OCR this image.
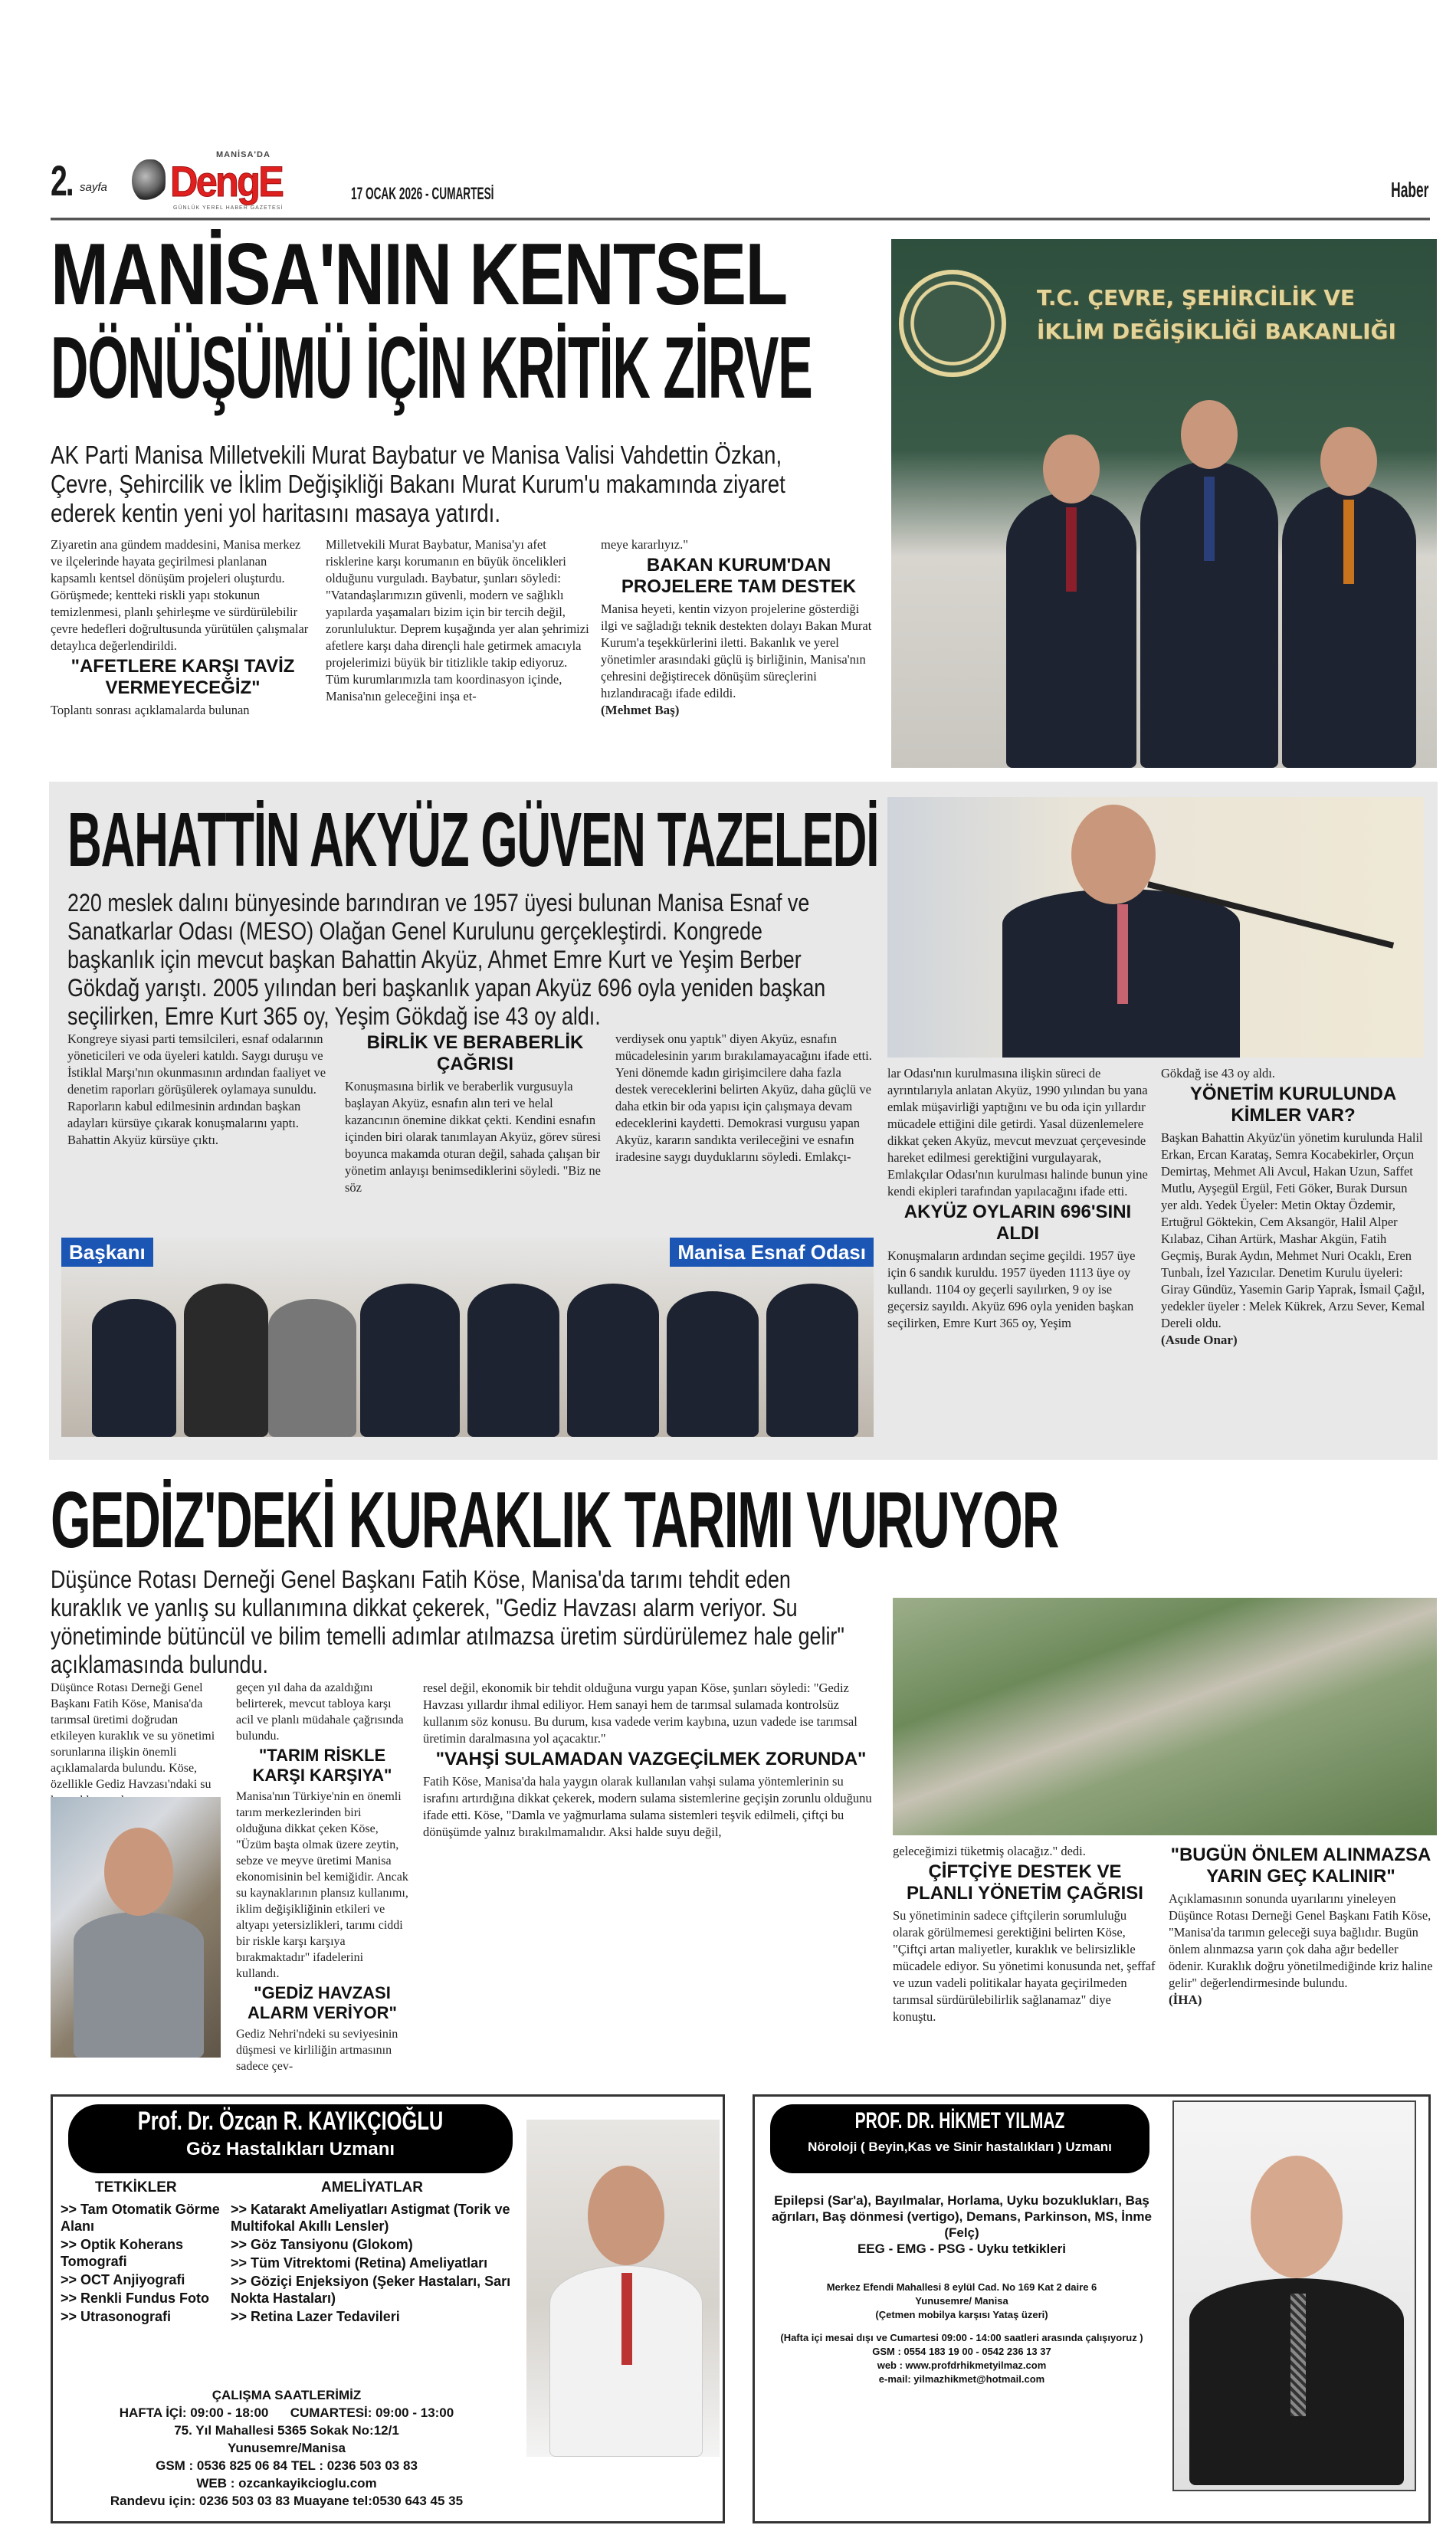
2. sayfa
MANİSA'DA
DengE
GÜNLÜK YEREL HABER GAZETESİ
17 OCAK 2026 - CUMARTESİ	Haber
MANİSA'NIN KENTSEL
DÖNÜŞÜMÜ İÇİN KRİTİK ZİRVE
AK Parti Manisa Milletvekili Murat Baybatur ve Manisa Valisi Vahdettin Özkan, Çevre, Şehircilik ve İklim Değişikliği Bakanı Murat Kurum'u makamında ziyaret ederek kentin yeni yol haritasını masaya yatırdı.

Ziyaretin ana gündem maddesini, Manisa merkez ve ilçelerinde hayata geçirilmesi planlanan kapsamlı kentsel dönüşüm projeleri oluşturdu. Görüşmede; kentteki riskli yapı stokunun temizlenmesi, planlı şehirleşme ve sürdürülebilir çevre hedefleri doğrultusunda yürütülen çalışmalar detaylıca değerlendirildi.

"AFETLERE KARŞI TAVİZ VERMEYECEĞİZ"

Toplantı sonrası açıklamalarda bulunan

Milletvekili Murat Baybatur, Manisa'yı afet risklerine karşı korumanın en büyük öncelikleri olduğunu vurguladı. Baybatur, şunları söyledi: "Vatandaşlarımızın güvenli, modern ve sağlıklı yapılarda yaşamaları bizim için bir tercih değil, zorunluluktur. Deprem kuşağında yer alan şehrimizi afetlere karşı daha dirençli hale getirmek amacıyla projelerimizi büyük bir titizlikle takip ediyoruz. Tüm kurumlarımızla tam koordinasyon içinde, Manisa'nın geleceğini inşa et-

meye kararlıyız."

BAKAN KURUM'DAN PROJELERE TAM DESTEK

Manisa heyeti, kentin vizyon projelerine gösterdiği ilgi ve sağladığı teknik destekten dolayı Bakan Murat Kurum'a teşekkürlerini iletti. Bakanlık ve yerel yönetimler arasındaki güçlü iş birliğinin, Manisa'nın çehresini değiştirecek dönüşüm süreçlerini hızlandıracağı ifade edildi.

(Mehmet Baş)

T.C. ÇEVRE, ŞEHİRCİLİK VE
İKLİM DEĞİŞİKLİĞİ BAKANLIĞI
BAHATTİN AKYÜZ GÜVEN TAZELEDİ
220 meslek dalını bünyesinde barındıran ve 1957 üyesi bulunan Manisa Esnaf ve Sanatkarlar Odası (MESO) Olağan Genel Kurulunu gerçekleştirdi. Kongrede başkanlık için mevcut başkan Bahattin Akyüz, Ahmet Emre Kurt ve Yeşim Berber Gökdağ yarıştı. 2005 yılından beri başkanlık yapan Akyüz 696 oyla yeniden başkan seçilirken, Emre Kurt 365 oy, Yeşim Gökdağ ise 43 oy aldı.

Kongreye siyasi parti temsilcileri, esnaf odalarının yöneticileri ve oda üyeleri katıldı. Saygı duruşu ve İstiklal Marşı'nın okunmasının ardından faaliyet ve denetim raporları görüşülerek oylamaya sunuldu. Raporların kabul edilmesinin ardından başkan adayları kürsüye çıkarak konuşmalarını yaptı. Bahattin Akyüz kürsüye çıktı.

BİRLİK VE BERABERLİK ÇAĞRISI

Konuşmasına birlik ve beraberlik vurgusuyla başlayan Akyüz, esnafın alın teri ve helal kazancının önemine dikkat çekti. Kendini esnafın içinden biri olarak tanımlayan Akyüz, görev süresi boyunca makamda oturan değil, sahada çalışan bir yönetim anlayışı benimsediklerini söyledi. "Biz ne söz

verdiysek onu yaptık" diyen Akyüz, esnafın mücadelesinin yarım bırakılamayacağını ifade etti. Yeni dönemde kadın girişimcilere daha fazla destek vereceklerini belirten Akyüz, daha güçlü ve daha etkin bir oda yapısı için çalışmaya devam edeceklerini kaydetti. Demokrasi vurgusu yapan Akyüz, kararın sandıkta verileceğini ve esnafın iradesine saygı duyduklarını söyledi. Emlakçı-

Başkanı	Manisa Esnaf Odası

lar Odası'nın kurulmasına ilişkin süreci de ayrıntılarıyla anlatan Akyüz, 1990 yılından bu yana emlak müşavirliği yaptığını ve bu oda için yıllardır mücadele ettiğini dile getirdi. Yasal düzenlemelere dikkat çeken Akyüz, mevcut mevzuat çerçevesinde hareket edilmesi gerektiğini vurgulayarak, Emlakçılar Odası'nın kurulması halinde bunun yine kendi ekipleri tarafından yapılacağını ifade etti.

AKYÜZ OYLARIN 696'SINI ALDI

Konuşmaların ardından seçime geçildi. 1957 üye için 6 sandık kuruldu. 1957 üyeden 1113 üye oy kullandı. 1104 oy geçerli sayılırken, 9 oy ise geçersiz sayıldı. Akyüz 696 oyla yeniden başkan seçilirken, Emre Kurt 365 oy, Yeşim

Gökdağ ise 43 oy aldı.

YÖNETİM KURULUNDA KİMLER VAR?

Başkan Bahattin Akyüz'ün yönetim kurulunda Halil Erkan, Ercan Karataş, Semra Kocabekirler, Orçun Demirtaş, Mehmet Ali Avcul, Hakan Uzun, Saffet Mutlu, Ayşegül Ergül, Feti Göker, Burak Dursun yer aldı. Yedek Üyeler: Metin Oktay Özdemir, Ertuğrul Göktekin, Cem Aksangör, Halil Alper Kılabaz, Cihan Artürk, Mashar Akgün, Fatih Geçmiş, Burak Aydın, Mehmet Nuri Ocaklı, Eren Tunbalı, İzel Yazıcılar. Denetim Kurulu üyeleri: Giray Gündüz, Yasemin Garip Yaprak, İsmail Çağıl, yedekler üyeler : Melek Kükrek, Arzu Sever, Kemal Dereli oldu.

(Asude Onar)

GEDİZ'DEKİ KURAKLIK TARIMI VURUYOR
Düşünce Rotası Derneği Genel Başkanı Fatih Köse, Manisa'da tarımı tehdit eden kuraklık ve yanlış su kullanımına dikkat çekerek, "Gediz Havzası alarm veriyor. Su yönetiminde bütüncül ve bilim temelli adımlar atılmazsa üretim sürdürülemez hale gelir" açıklamasında bulundu.

Düşünce Rotası Derneği Genel Başkanı Fatih Köse, Manisa'da tarımsal üretimi doğrudan etkileyen kuraklık ve su yönetimi sorunlarına ilişkin önemli açıklamalarda bulundu. Köse, özellikle Gediz Havzası'ndaki su

geçen yıl daha da azaldığını belirterek, mevcut tabloya karşı acil ve planlı müdahale çağrısında bulundu.

"TARIM RİSKLE KARŞI KARŞIYA"

Manisa'nın Türkiye'nin en önemli tarım merkezlerinden biri olduğuna dikkat çeken Köse, "Üzüm başta olmak üzere zeytin, sebze ve meyve üretimi Manisa ekonomisinin bel kemiğidir. Ancak su kaynaklarının plansız kullanımı, iklim değişikliğinin etkileri ve altyapı yetersizlikleri, tarımı ciddi bir riskle karşı karşıya bırakmaktadır" ifadelerini kullandı.

"GEDİZ HAVZASI ALARM VERİYOR"

Gediz Nehri'ndeki su seviyesinin düşmesi ve kirliliğin artmasının sadece çev-

resel değil, ekonomik bir tehdit olduğuna vurgu yapan Köse, şunları söyledi: "Gediz Havzası yıllardır ihmal ediliyor. Hem sanayi hem de tarımsal sulamada kontrolsüz kullanım söz konusu. Bu durum, kısa vadede verim kaybına, uzun vadede ise tarımsal üretimin daralmasına yol açacaktır."

"VAHŞİ SULAMADAN VAZGEÇİLMEK ZORUNDA"

Fatih Köse, Manisa'da hala yaygın olarak kullanılan vahşi sulama yöntemlerinin su israfını artırdığına dikkat çekerek, modern sulama sistemlerine geçişin zorunlu olduğunu ifade etti. Köse, "Damla ve yağmurlama sulama sistemleri teşvik edilmeli, çiftçi bu dönüşümde yalnız bırakılmamalıdır. Aksi halde suyu değil,

geleceğimizi tüketmiş olacağız." dedi.

ÇİFTÇİYE DESTEK VE PLANLI YÖNETİM ÇAĞRISI

Su yönetiminin sadece çiftçilerin sorumluluğu olarak görülmemesi gerektiğini belirten Köse, "Çiftçi artan maliyetler, kuraklık ve belirsizlikle mücadele ediyor. Su yönetimi konusunda net, şeffaf ve uzun vadeli politikalar hayata geçirilmeden tarımsal sürdürülebilirlik sağlanamaz" diye konuştu.

"BUGÜN ÖNLEM ALINMAZSA YARIN GEÇ KALINIR"

Açıklamasının sonunda uyarılarını yineleyen Düşünce Rotası Derneği Genel Başkanı Fatih Köse, "Manisa'da tarımın geleceği suya bağlıdır. Bugün önlem alınmazsa yarın çok daha ağır bedeller ödenir. Kuraklık doğru yönetilmediğinde kriz haline gelir" değerlendirmesinde bulundu.

(İHA)

Prof. Dr. Özcan R. KAYIKÇIOĞLU
Göz Hastalıkları Uzmanı
TETKİKLER	AMELİYATLAR
>> Tam Otomatik Görme Alanı
>> Optik Koherans Tomografi
>> OCT Anjiyografi
>> Renkli Fundus Foto
>> Utrasonografi
>> Katarakt Ameliyatları Astigmat (Torik ve Multifokal Akıllı Lensler)
>> Göz Tansiyonu (Glokom)
>> Tüm Vitrektomi (Retina) Ameliyatları
>> Göziçi Enjeksiyon (Şeker Hastaları, Sarı Nokta Hastaları)
>> Retina Lazer Tedavileri
ÇALIŞMA SAATLERİMİZ
HAFTA İÇİ: 09:00 - 18:00      CUMARTESİ: 09:00 - 13:00
75. Yıl Mahallesi 5365 Sokak No:12/1
Yunusemre/Manisa
GSM : 0536 825 06 84 TEL : 0236 503 03 83
WEB : ozcankayikcioglu.com
Randevu için: 0236 503 03 83 Muayane tel:0530 643 45 35
PROF. DR. HİKMET YILMAZ
Nöroloji ( Beyin,Kas ve Sinir hastalıkları ) Uzmanı
Epilepsi (Sar'a), Bayılmalar, Horlama, Uyku bozuklukları, Baş ağrıları, Baş dönmesi (vertigo), Demans, Parkinson, MS, İnme (Felç)
EEG - EMG - PSG - Uyku tetkikleri
Merkez Efendi Mahallesi 8 eylül Cad. No 169 Kat 2 daire 6
Yunusemre/ Manisa
(Çetmen mobilya karşısı Yataş üzeri)
(Hafta içi mesai dışı ve Cumartesi 09:00 - 14:00 saatleri arasında çalışıyoruz )
GSM : 0554 183 19 00 - 0542 236 13 37
web : www.profdrhikmetyilmaz.com
e-mail: yilmazhikmet@hotmail.com
